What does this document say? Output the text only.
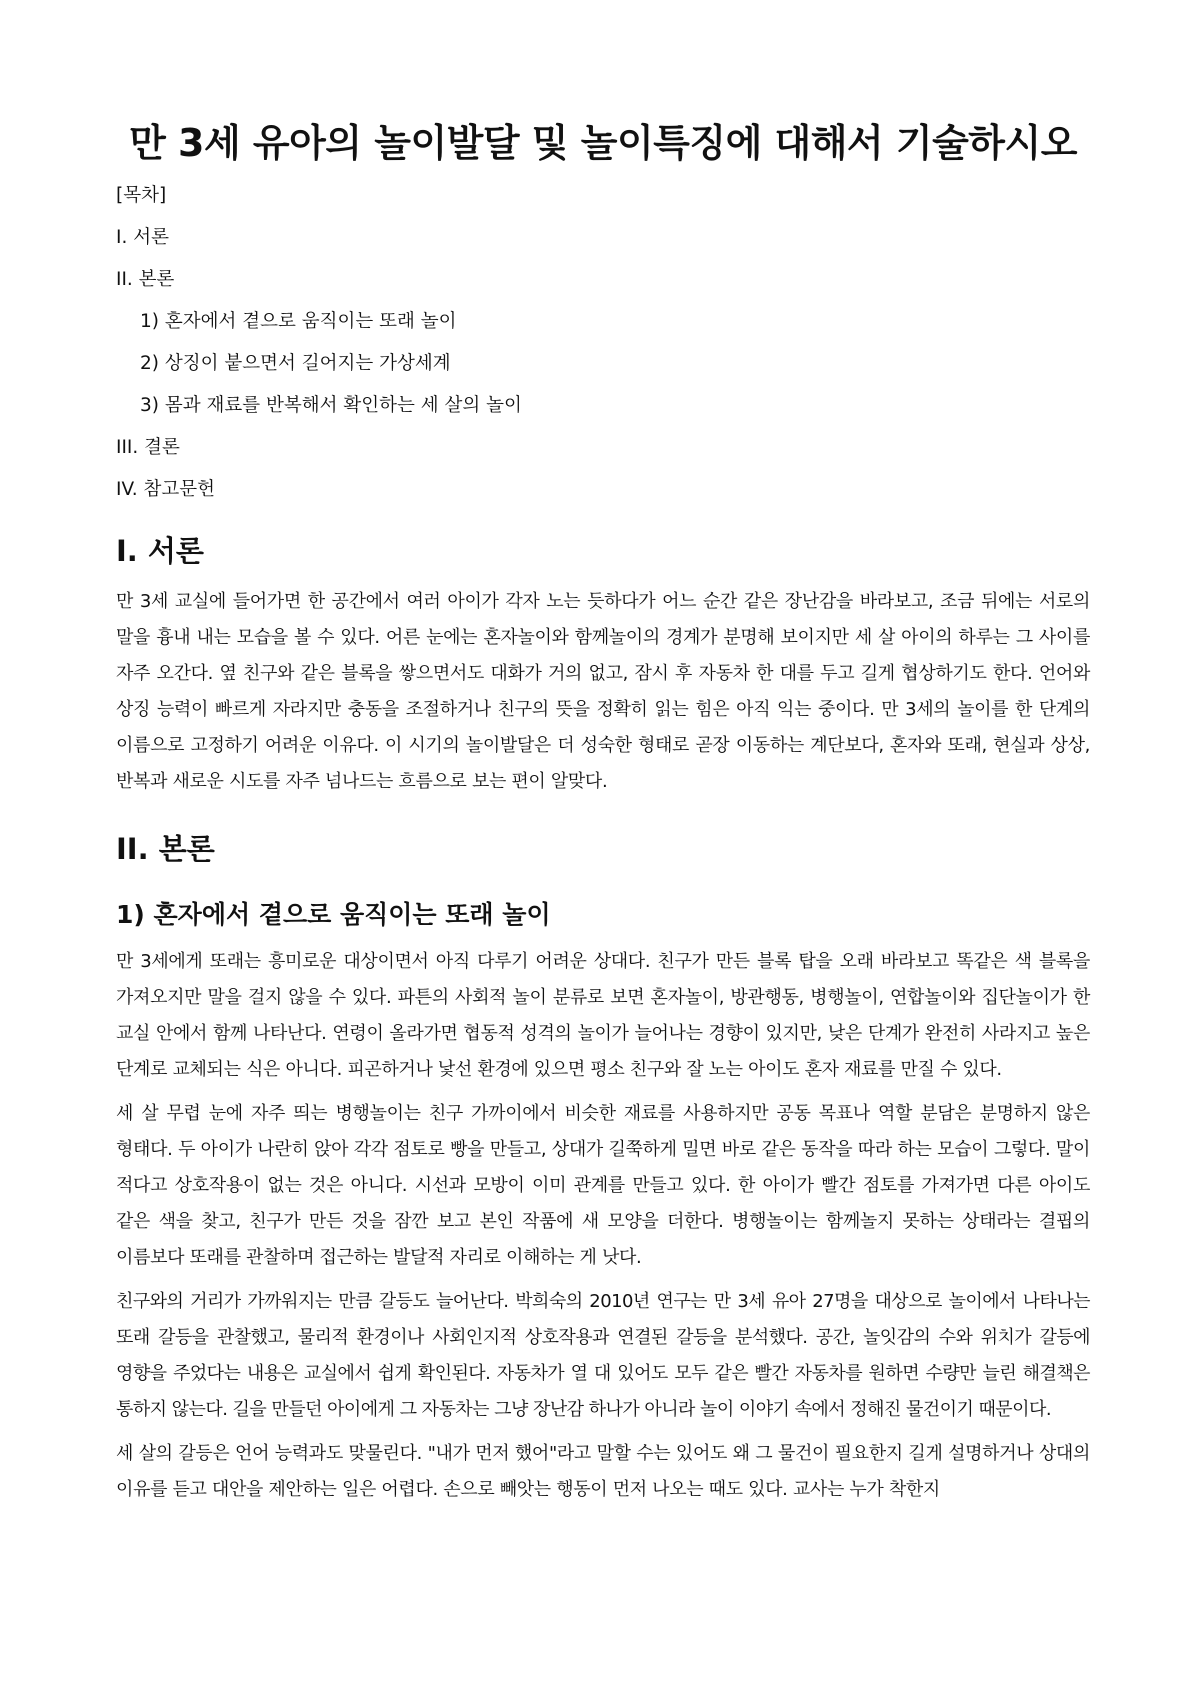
만 3세 유아의 놀이발달 및 놀이특징에 대해서 기술하시오
[목차]
I. 서론
II. 본론
1) 혼자에서 곁으로 움직이는 또래 놀이
2) 상징이 붙으면서 길어지는 가상세계
3) 몸과 재료를 반복해서 확인하는 세 살의 놀이
III. 결론
IV. 참고문헌
I. 서론

만 3세 교실에 들어가면 한 공간에서 여러 아이가 각자 노는 듯하다가 어느 순간 같은 장난감을 바라보고, 조금 뒤에는 서로의 말을 흉내 내는 모습을 볼 수 있다. 어른 눈에는 혼자놀이와 함께놀이의 경계가 분명해 보이지만 세 살 아이의 하루는 그 사이를 자주 오간다. 옆 친구와 같은 블록을 쌓으면서도 대화가 거의 없고, 잠시 후 자동차 한 대를 두고 길게 협상하기도 한다. 언어와 상징 능력이 빠르게 자라지만 충동을 조절하거나 친구의 뜻을 정확히 읽는 힘은 아직 익는 중이다. 만 3세의 놀이를 한 단계의 이름으로 고정하기 어려운 이유다. 이 시기의 놀이발달은 더 성숙한 형태로 곧장 이동하는 계단보다, 혼자와 또래, 현실과 상상, 반복과 새로운 시도를 자주 넘나드는 흐름으로 보는 편이 알맞다.

II. 본론
1) 혼자에서 곁으로 움직이는 또래 놀이

만 3세에게 또래는 흥미로운 대상이면서 아직 다루기 어려운 상대다. 친구가 만든 블록 탑을 오래 바라보고 똑같은 색 블록을 가져오지만 말을 걸지 않을 수 있다. 파튼의 사회적 놀이 분류로 보면 혼자놀이, 방관행동, 병행놀이, 연합놀이와 집단놀이가 한 교실 안에서 함께 나타난다. 연령이 올라가면 협동적 성격의 놀이가 늘어나는 경향이 있지만, 낮은 단계가 완전히 사라지고 높은 단계로 교체되는 식은 아니다. 피곤하거나 낯선 환경에 있으면 평소 친구와 잘 노는 아이도 혼자 재료를 만질 수 있다.

세 살 무렵 눈에 자주 띄는 병행놀이는 친구 가까이에서 비슷한 재료를 사용하지만 공동 목표나 역할 분담은 분명하지 않은 형태다. 두 아이가 나란히 앉아 각각 점토로 빵을 만들고, 상대가 길쭉하게 밀면 바로 같은 동작을 따라 하는 모습이 그렇다. 말이 적다고 상호작용이 없는 것은 아니다. 시선과 모방이 이미 관계를 만들고 있다. 한 아이가 빨간 점토를 가져가면 다른 아이도 같은 색을 찾고, 친구가 만든 것을 잠깐 보고 본인 작품에 새 모양을 더한다. 병행놀이는 함께놀지 못하는 상태라는 결핍의 이름보다 또래를 관찰하며 접근하는 발달적 자리로 이해하는 게 낫다.

친구와의 거리가 가까워지는 만큼 갈등도 늘어난다. 박희숙의 2010년 연구는 만 3세 유아 27명을 대상으로 놀이에서 나타나는 또래 갈등을 관찰했고, 물리적 환경이나 사회인지적 상호작용과 연결된 갈등을 분석했다. 공간, 놀잇감의 수와 위치가 갈등에 영향을 주었다는 내용은 교실에서 쉽게 확인된다. 자동차가 열 대 있어도 모두 같은 빨간 자동차를 원하면 수량만 늘린 해결책은 통하지 않는다. 길을 만들던 아이에게 그 자동차는 그냥 장난감 하나가 아니라 놀이 이야기 속에서 정해진 물건이기 때문이다.

세 살의 갈등은 언어 능력과도 맞물린다. "내가 먼저 했어"라고 말할 수는 있어도 왜 그 물건이 필요한지 길게 설명하거나 상대의 이유를 듣고 대안을 제안하는 일은 어렵다. 손으로 빼앗는 행동이 먼저 나오는 때도 있다. 교사는 누가 착한지
